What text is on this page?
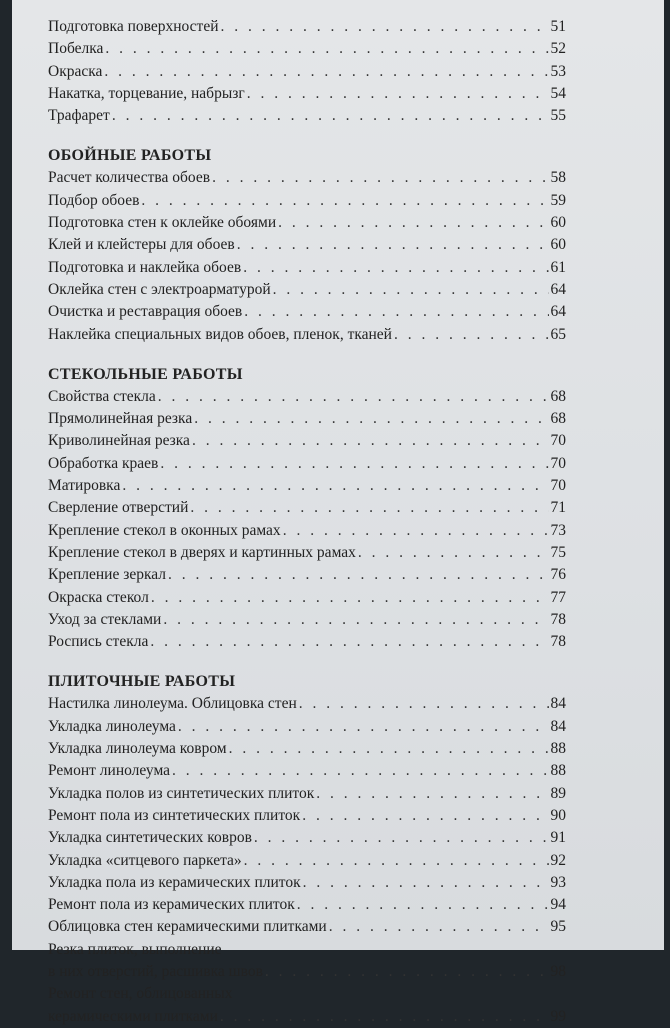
Подготовка поверхностей . . .	51
Побелка . . .	52
Окраска . . .	53
Накатка, торцевание, набрызг . . .	54
Трафарет . . .	55
ОБОЙНЫЕ РАБОТЫ
Расчет количества обоев . . .	58
Подбор обоев . . .	59
Подготовка стен к оклейке обоями . . .	60
Клей и клейстеры для обоев . . .	60
Подготовка и наклейка обоев . . .	61
Оклейка стен с электроарматурой . . .	64
Очистка и реставрация обоев . . .	64
Наклейка специальных видов обоев, пленок, тканей . . .	65
СТЕКОЛЬНЫЕ РАБОТЫ
Свойства стекла . . .	68
Прямолинейная резка . . .	68
Криволинейная резка . . .	70
Обработка краев . . .	70
Матировка . . .	70
Сверление отверстий . . .	71
Крепление стекол в оконных рамах . . .	73
Крепление стекол в дверях и картинных рамах . . .	75
Крепление зеркал . . .	76
Окраска стекол . . .	77
Уход за стеклами . . .	78
Роспись стекла . . .	78
ПЛИТОЧНЫЕ РАБОТЫ
Настилка линолеума. Облицовка стен . . .	84
Укладка линолеума . . .	84
Укладка линолеума ковром . . .	88
Ремонт линолеума . . .	88
Укладка полов из синтетических плиток . . .	89
Ремонт пола из синтетических плиток . . .	90
Укладка синтетических ковров . . .	91
Укладка «ситцевого паркета» . . .	92
Укладка пола из керамических плиток . . .	93
Ремонт пола из керамических плиток . . .	94
Облицовка стен керамическими плитками . . .	95
Резка плиток, выполнение
в них отверстий, расшивка швов . . .	98
Ремонт стен, облицованных
керамическими плитками . . .	99
